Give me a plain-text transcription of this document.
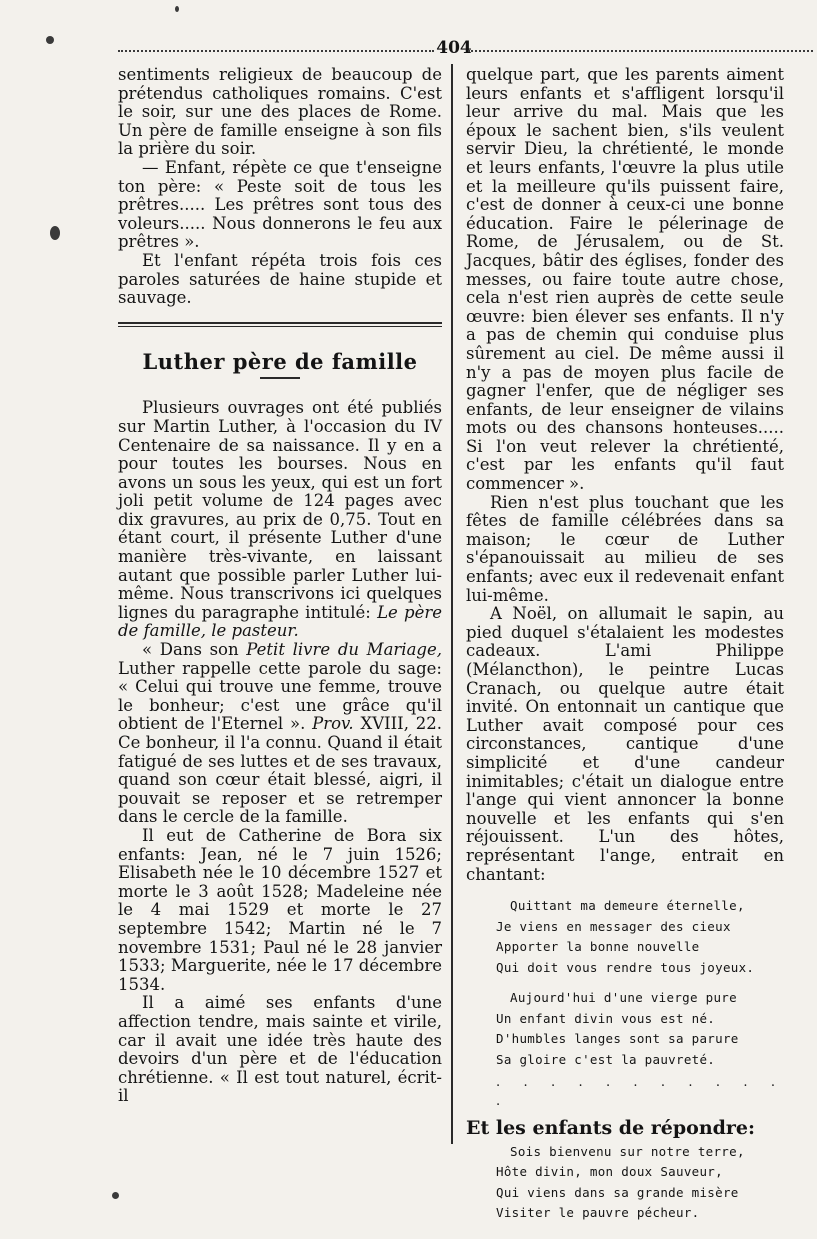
404

sentiments religieux de beaucoup de prétendus catholiques romains. C'est le soir, sur une des places de Rome. Un père de famille enseigne à son fils la prière du soir.

— Enfant, répète ce que t'enseigne ton père: « Peste soit de tous les prêtres..... Les prêtres sont tous des voleurs..... Nous donnerons le feu aux prêtres ».

Et l'enfant répéta trois fois ces paroles saturées de haine stupide et sauvage.

Luther père de famille

Plusieurs ouvrages ont été publiés sur Martin Luther, à l'occasion du IV Centenaire de sa naissance. Il y en a pour toutes les bourses. Nous en avons un sous les yeux, qui est un fort joli petit volume de 124 pages avec dix gravures, au prix de 0,75. Tout en étant court, il présente Luther d'une manière très-vivante, en laissant autant que possible parler Luther lui-même. Nous transcrivons ici quelques lignes du paragraphe intitulé: Le père de famille, le pasteur.

« Dans son Petit livre du Mariage, Luther rappelle cette parole du sage: « Celui qui trouve une femme, trouve le bonheur; c'est une grâce qu'il obtient de l'Eternel ». Prov. XVIII, 22. Ce bonheur, il l'a connu. Quand il était fatigué de ses luttes et de ses travaux, quand son cœur était blessé, aigri, il pouvait se reposer et se retremper dans le cercle de la famille.

Il eut de Catherine de Bora six enfants: Jean, né le 7 juin 1526; Elisabeth née le 10 décembre 1527 et morte le 3 août 1528; Madeleine née le 4 mai 1529 et morte le 27 septembre 1542; Martin né le 7 novembre 1531; Paul né le 28 janvier 1533; Marguerite, née le 17 décembre 1534.

Il a aimé ses enfants d'une affection tendre, mais sainte et virile, car il avait une idée très haute des devoirs d'un père et de l'éducation chrétienne. « Il est tout naturel, écrit-il

quelque part, que les parents aiment leurs enfants et s'affligent lorsqu'il leur arrive du mal. Mais que les époux le sachent bien, s'ils veulent servir Dieu, la chrétienté, le monde et leurs enfants, l'œuvre la plus utile et la meilleure qu'ils puissent faire, c'est de donner à ceux-ci une bonne éducation. Faire le pélerinage de Rome, de Jérusalem, ou de St. Jacques, bâtir des églises, fonder des messes, ou faire toute autre chose, cela n'est rien auprès de cette seule œuvre: bien élever ses enfants. Il n'y a pas de chemin qui conduise plus sûrement au ciel. De même aussi il n'y a pas de moyen plus facile de gagner l'enfer, que de négliger ses enfants, de leur enseigner de vilains mots ou des chansons honteuses..... Si l'on veut relever la chrétienté, c'est par les enfants qu'il faut commencer ».

Rien n'est plus touchant que les fêtes de famille célébrées dans sa maison; le cœur de Luther s'épanouissait au milieu de ses enfants; avec eux il redevenait enfant lui-même.

A Noël, on allumait le sapin, au pied duquel s'étalaient les modestes cadeaux. L'ami Philippe (Mélancthon), le peintre Lucas Cranach, ou quelque autre était invité. On entonnait un cantique que Luther avait composé pour ces circonstances, cantique d'une simplicité et d'une candeur inimitables; c'était un dialogue entre l'ange qui vient annoncer la bonne nouvelle et les enfants qui s'en réjouissent. L'un des hôtes, représentant l'ange, entrait en chantant:

Quittant ma demeure éternelle,
Je viens en messager des cieux
Apporter la bonne nouvelle
Qui doit vous rendre tous joyeux.
Aujourd'hui d'une vierge pure
Un enfant divin vous est né.
D'humbles langes sont sa parure
Sa gloire c'est la pauvreté.
. . . . . . . . . . . .
Et les enfants de répondre:
Sois bienvenu sur notre terre,
Hôte divin, mon doux Sauveur,
Qui viens dans sa grande misère
Visiter le pauvre pécheur.
